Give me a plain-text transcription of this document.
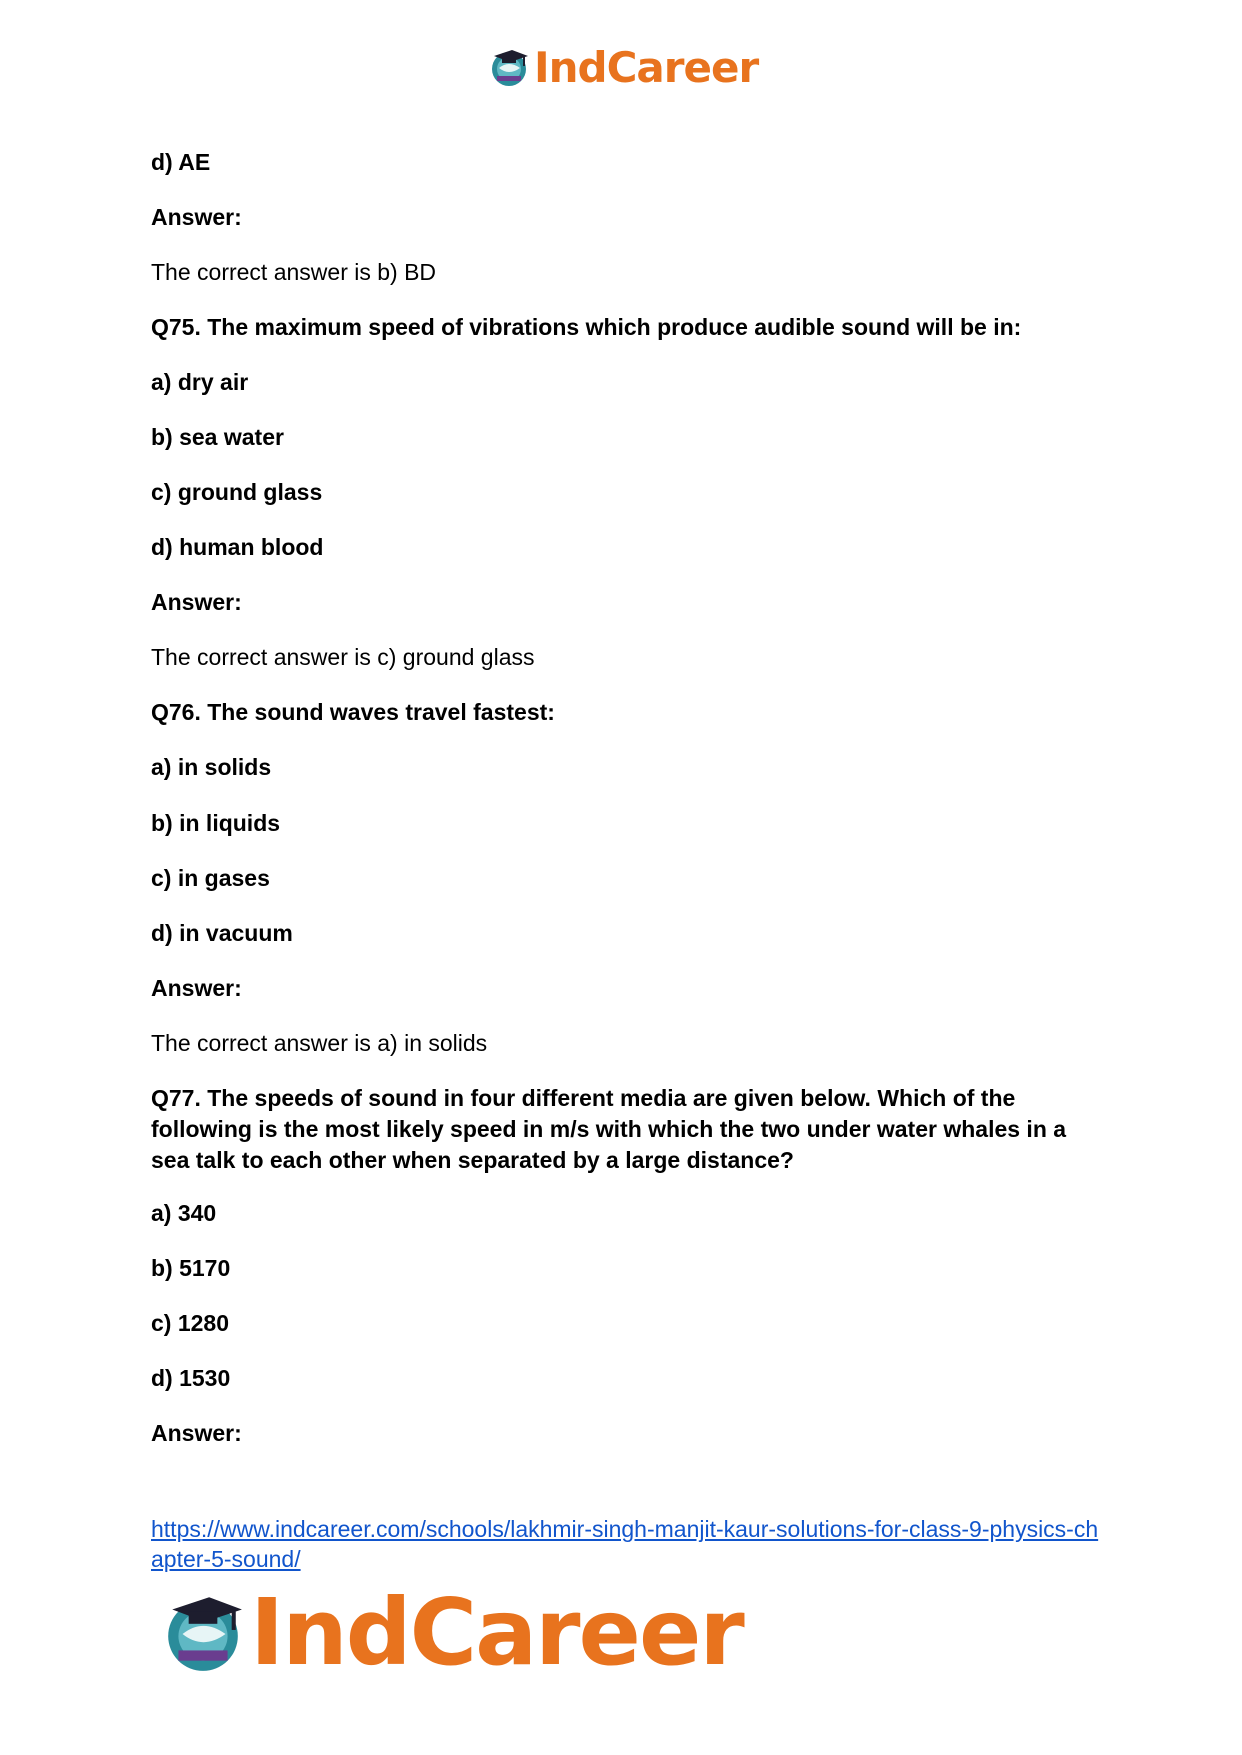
IndCareer
d) AE
Answer:
The correct answer is b) BD
Q75. The maximum speed of vibrations which produce audible sound will be in:
a) dry air
b) sea water
c) ground glass
d) human blood
Answer:
The correct answer is c) ground glass
Q76. The sound waves travel fastest:
a) in solids
b) in liquids
c) in gases
d) in vacuum
Answer:
The correct answer is a) in solids
Q77. The speeds of sound in four different media are given below. Which of the following is the most likely speed in m/s with which the two under water whales in a sea talk to each other when separated by a large distance?
a) 340
b) 5170
c) 1280
d) 1530
Answer:
https://www.indcareer.com/schools/lakhmir-singh-manjit-kaur-solutions-for-class-9-physics-chapter-5-sound/
IndCareer
